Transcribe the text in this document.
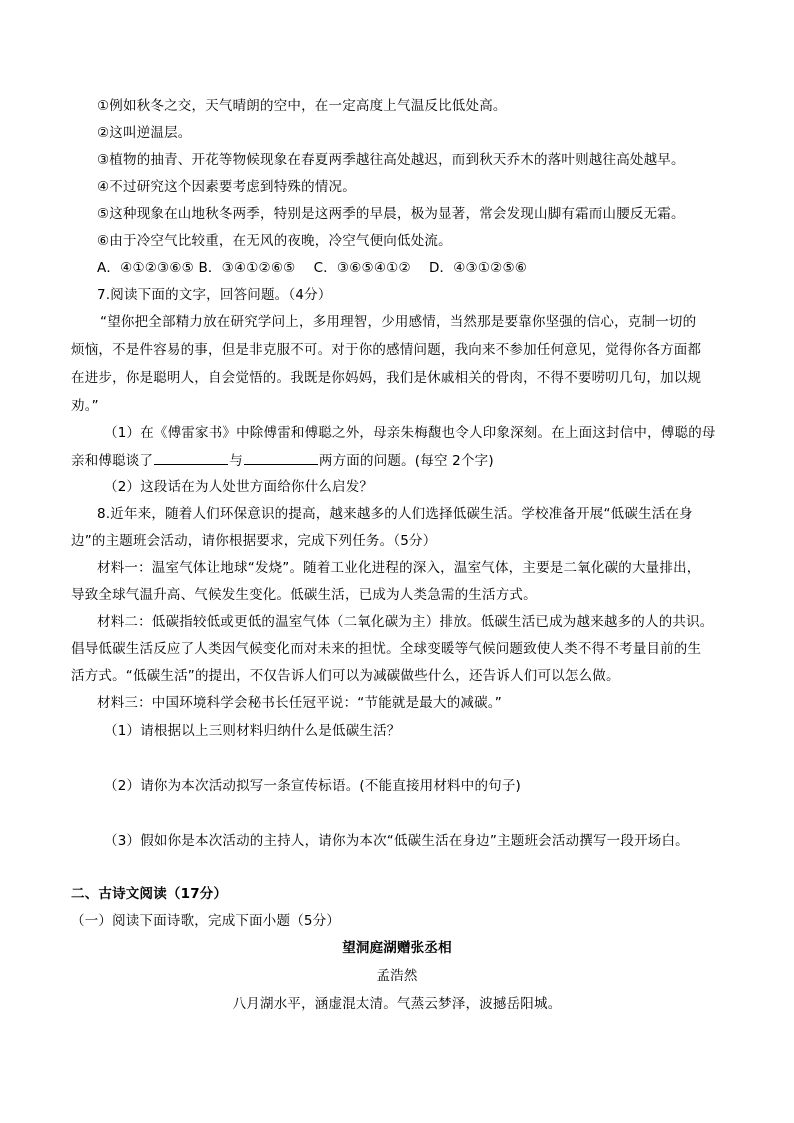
①例如秋冬之交，天气晴朗的空中，在一定高度上气温反比低处高。
②这叫逆温层。
③植物的抽青、开花等物候现象在春夏两季越往高处越迟，而到秋天乔木的落叶则越往高处越早。
④不过研究这个因素要考虑到特殊的情况。
⑤这种现象在山地秋冬两季，特别是这两季的早晨，极为显著，常会发现山脚有霜而山腰反无霜。
⑥由于冷空气比较重，在无风的夜晚，冷空气便向低处流。
A．④①②③⑥⑤ B．③④①②⑥⑤　 C．③⑥⑤④①②　 D．④③①②⑤⑥
7.阅读下面的文字，回答问题。（4分）
“望你把全部精力放在研究学问上，多用理智，少用感情，当然那是要靠你坚强的信心，克制一切的
烦恼，不是件容易的事，但是非克服不可。对于你的感情问题，我向来不参加任何意见，觉得你各方面都
在进步，你是聪明人，自会觉悟的。我既是你妈妈，我们是休戚相关的骨肉，不得不要唠叨几句，加以规
劝。”
（1）在《傅雷家书》中除傅雷和傅聪之外，母亲朱梅馥也令人印象深刻。在上面这封信中，傅聪的母
亲和傅聪谈了	与	两方面的问题。(每空 2个字)
（2）这段话在为人处世方面给你什么启发？
8.近年来，随着人们环保意识的提高，越来越多的人们选择低碳生活。学校准备开展“低碳生活在身
边”的主题班会活动，请你根据要求，完成下列任务。（5分）
材料一：温室气体让地球“发烧”。随着工业化进程的深入，温室气体，主要是二氧化碳的大量排出，
导致全球气温升高、气候发生变化。低碳生活，已成为人类急需的生活方式。
材料二：低碳指较低或更低的温室气体（二氧化碳为主）排放。低碳生活已成为越来越多的人的共识。
倡导低碳生活反应了人类因气候变化而对未来的担忧。全球变暖等气候问题致使人类不得不考量目前的生
活方式。“低碳生活”的提出，不仅告诉人们可以为减碳做些什么，还告诉人们可以怎么做。
材料三：中国环境科学会秘书长任冠平说：“节能就是最大的减碳。”
（1）请根据以上三则材料归纳什么是低碳生活？
（2）请你为本次活动拟写一条宣传标语。(不能直接用材料中的句子)
（3）假如你是本次活动的主持人，请你为本次“低碳生活在身边”主题班会活动撰写一段开场白。
二、古诗文阅读（17分）
（一）阅读下面诗歌，完成下面小题（5分）
望洞庭湖赠张丞相
孟浩然
八月湖水平，涵虚混太清。气蒸云梦泽，波撼岳阳城。
